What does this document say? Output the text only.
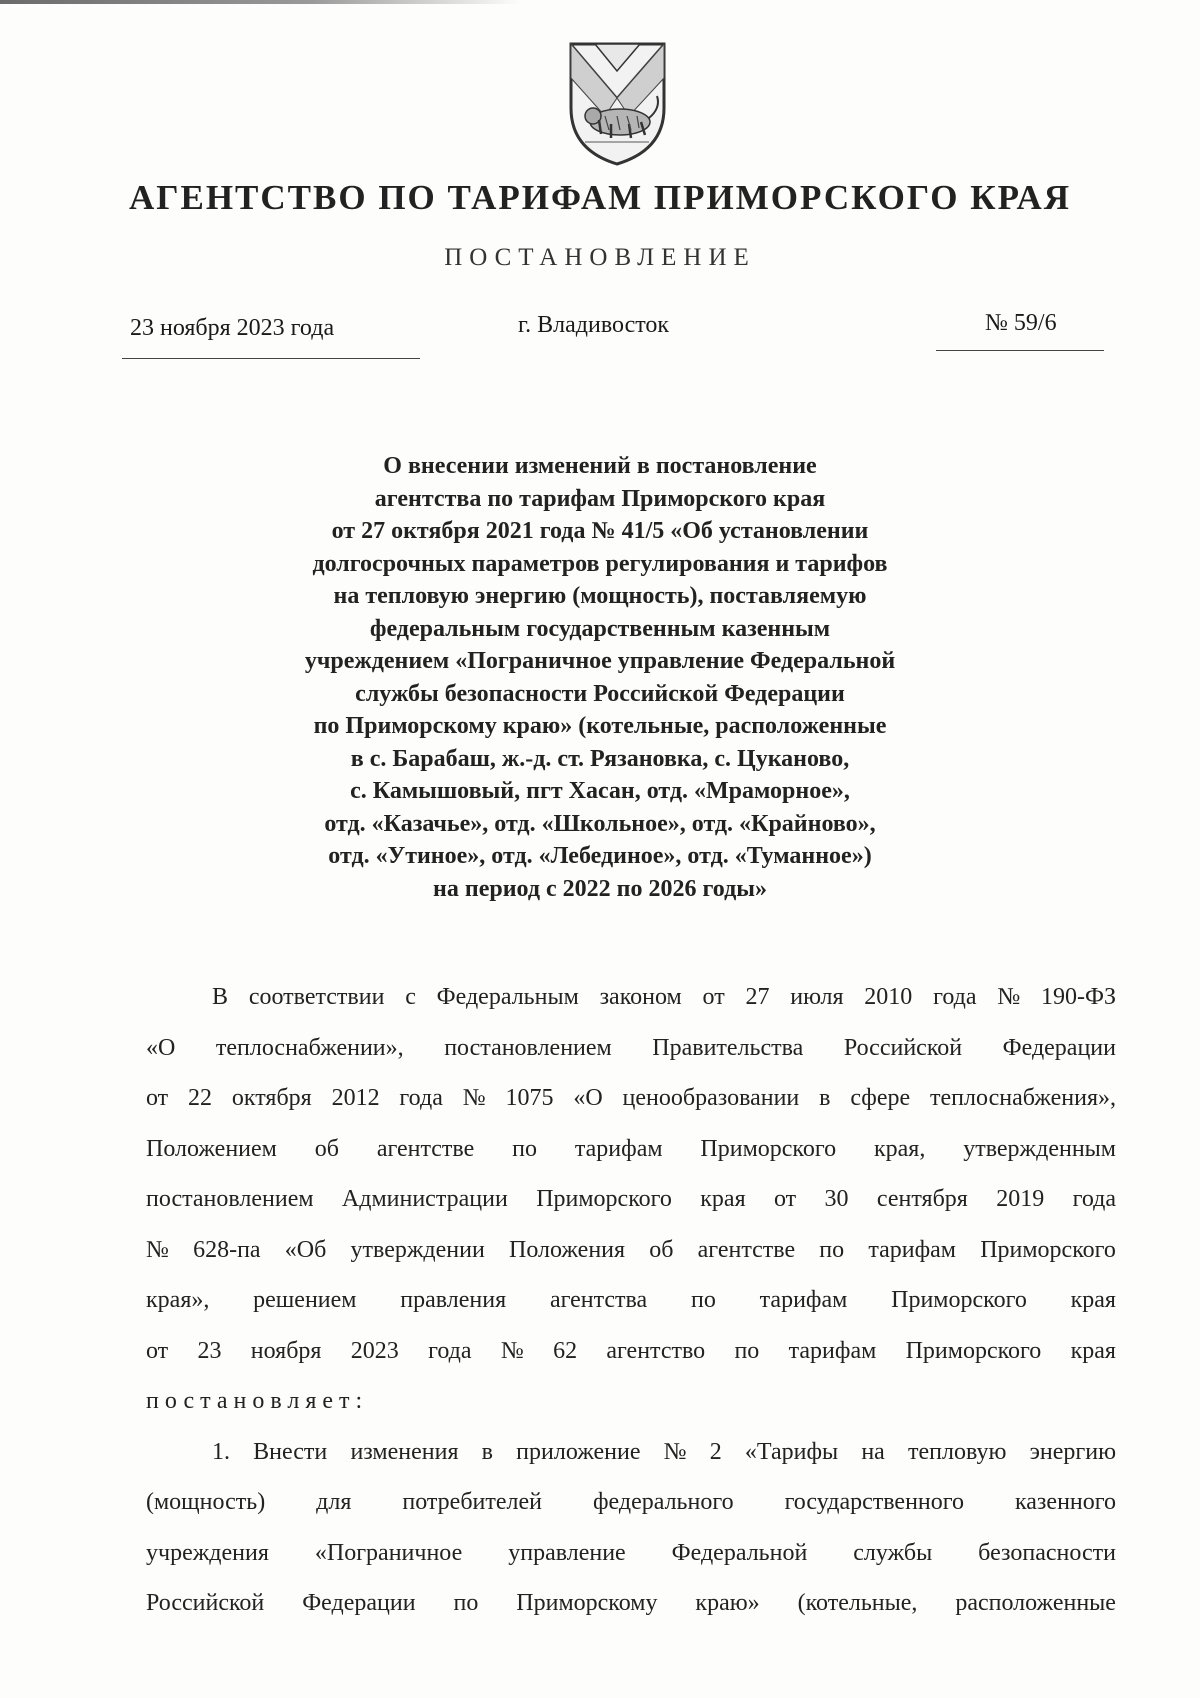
АГЕНТСТВО ПО ТАРИФАМ ПРИМОРСКОГО КРАЯ
ПОСТАНОВЛЕНИЕ
23 ноября 2023 года	г. Владивосток	№ 59/6
О внесении изменений в постановление
агентства по тарифам Приморского края
от 27 октября 2021 года № 41/5 «Об установлении
долгосрочных параметров регулирования и тарифов
на тепловую энергию (мощность), поставляемую
федеральным государственным казенным
учреждением «Пограничное управление Федеральной
службы безопасности Российской Федерации
по Приморскому краю» (котельные, расположенные
в с. Барабаш, ж.-д. ст. Рязановка, с. Цуканово,
с. Камышовый, пгт Хасан, отд. «Мраморное»,
отд. «Казачье», отд. «Школьное», отд. «Крайново»,
отд. «Утиное», отд. «Лебединое», отд. «Туманное»)
на период с 2022 по 2026 годы»
В соответствии с Федеральным законом от 27 июля 2010 года № 190-ФЗ
«О теплоснабжении», постановлением Правительства Российской Федерации
от 22 октября 2012 года № 1075 «О ценообразовании в сфере теплоснабжения»,
Положением об агентстве по тарифам Приморского края, утвержденным
постановлением Администрации Приморского края от 30 сентября 2019 года
№ 628-па «Об утверждении Положения об агентстве по тарифам Приморского
края», решением правления агентства по тарифам Приморского края
от 23 ноября 2023 года № 62 агентство по тарифам Приморского края
постановляет:
1. Внести изменения в приложение № 2 «Тарифы на тепловую энергию
(мощность) для потребителей федерального государственного казенного
учреждения «Пограничное управление Федеральной службы безопасности
Российской Федерации по Приморскому краю» (котельные, расположенные
